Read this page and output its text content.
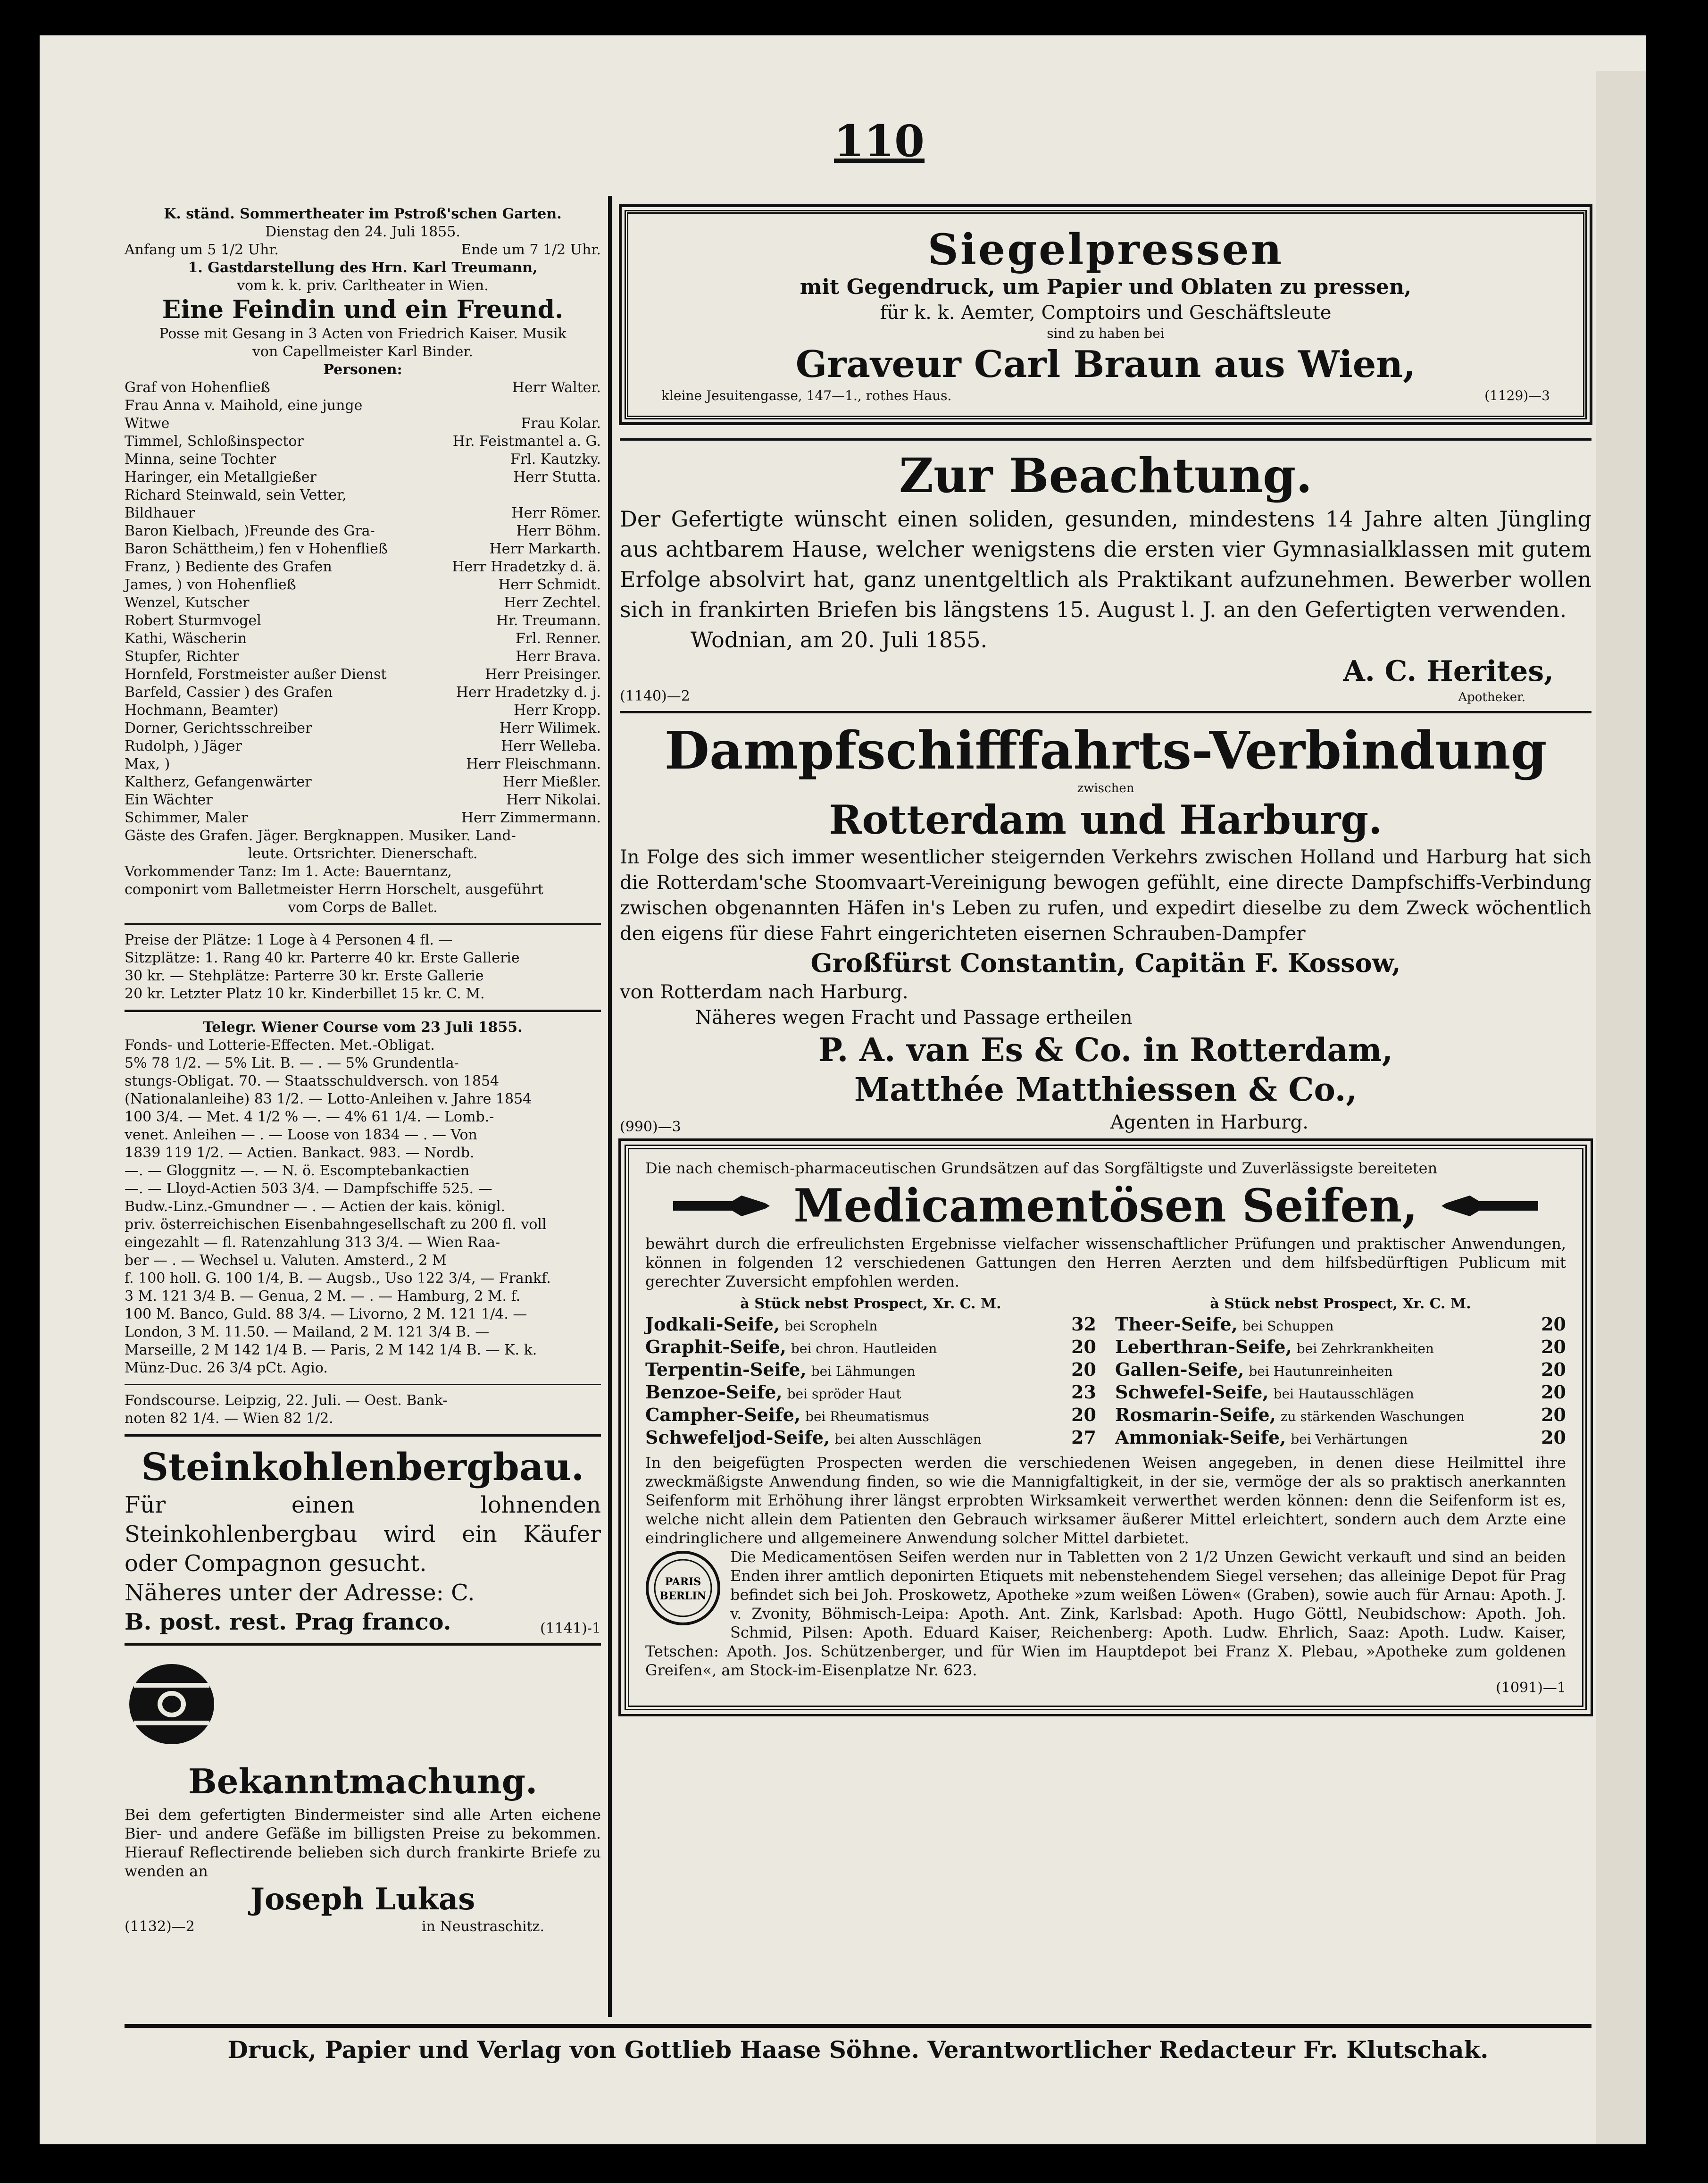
110
K. ständ. Sommertheater im Pstroß'schen Garten.
Dienstag den 24. Juli 1855.
Anfang um 5 1/2 Uhr.	Ende um 7 1/2 Uhr.
1. Gastdarstellung des Hrn. Karl Treumann,
vom k. k. priv. Carltheater in Wien.
Eine Feindin und ein Freund.
Posse mit Gesang in 3 Acten von Friedrich Kaiser. Musik
von Capellmeister Karl Binder.
Personen:
Graf von Hohenfließ	Herr Walter.
Frau Anna v. Maihold, eine junge
Witwe	Frau Kolar.
Timmel, Schloßinspector	Hr. Feistmantel a. G.
Minna, seine Tochter	Frl. Kautzky.
Haringer, ein Metallgießer	Herr Stutta.
Richard Steinwald, sein Vetter,
Bildhauer	Herr Römer.
Baron Kielbach, )Freunde des Gra-	Herr Böhm.
Baron Schättheim,) fen v Hohenfließ	Herr Markarth.
Franz, ) Bediente des Grafen	Herr Hradetzky d. ä.
James, ) von Hohenfließ	Herr Schmidt.
Wenzel, Kutscher	Herr Zechtel.
Robert Sturmvogel	Hr. Treumann.
Kathi, Wäscherin	Frl. Renner.
Stupfer, Richter	Herr Brava.
Hornfeld, Forstmeister außer Dienst	Herr Preisinger.
Barfeld, Cassier ) des Grafen	Herr Hradetzky d. j.
Hochmann, Beamter)	Herr Kropp.
Dorner, Gerichtsschreiber	Herr Wilimek.
Rudolph, ) Jäger	Herr Welleba.
Max, )	Herr Fleischmann.
Kaltherz, Gefangenwärter	Herr Mießler.
Ein Wächter	Herr Nikolai.
Schimmer, Maler	Herr Zimmermann.
Gäste des Grafen. Jäger. Bergknappen. Musiker. Land-
leute. Ortsrichter. Dienerschaft.
Vorkommender Tanz: Im 1. Acte: Bauerntanz,
componirt vom Balletmeister Herrn Horschelt, ausgeführt
vom Corps de Ballet.
Preise der Plätze: 1 Loge à 4 Personen 4 fl. —
Sitzplätze: 1. Rang 40 kr. Parterre 40 kr. Erste Gallerie
30 kr. — Stehplätze: Parterre 30 kr. Erste Gallerie
20 kr. Letzter Platz 10 kr. Kinderbillet 15 kr. C. M.
Telegr. Wiener Course vom 23 Juli 1855.
Fonds- und Lotterie-Effecten. Met.-Obligat.
5% 78 1/2. — 5% Lit. B. — . — 5% Grundentla-
stungs-Obligat. 70. — Staatsschuldversch. von 1854
(Nationalanleihe) 83 1/2. — Lotto-Anleihen v. Jahre 1854
100 3/4. — Met. 4 1/2 % —. — 4% 61 1/4. — Lomb.-
venet. Anleihen — . — Loose von 1834 — . — Von
1839 119 1/2. — Actien. Bankact. 983. — Nordb.
—. — Gloggnitz —. — N. ö. Escomptebankactien
—. — Lloyd-Actien 503 3/4. — Dampfschiffe 525. —
Budw.-Linz.-Gmundner — . — Actien der kais. königl.
priv. österreichischen Eisenbahngesellschaft zu 200 fl. voll
eingezahlt — fl. Ratenzahlung 313 3/4. — Wien Raa-
ber — . — Wechsel u. Valuten. Amsterd., 2 M
f. 100 holl. G. 100 1/4, B. — Augsb., Uso 122 3/4, — Frankf.
3 M. 121 3/4 B. — Genua, 2 M. — . — Hamburg, 2 M. f.
100 M. Banco, Guld. 88 3/4. — Livorno, 2 M. 121 1/4. —
London, 3 M. 11.50. — Mailand, 2 M. 121 3/4 B. —
Marseille, 2 M 142 1/4 B. — Paris, 2 M 142 1/4 B. — K. k.
Münz-Duc. 26 3/4 pCt. Agio.
Fondscourse. Leipzig, 22. Juli. — Oest. Bank-
noten 82 1/4. — Wien 82 1/2.
Steinkohlenbergbau.
Für einen lohnenden Steinkohlenbergbau wird ein Käufer oder Compagnon gesucht.
Näheres unter der Adresse: C.
B. post. rest. Prag franco.	(1141)-1
Bekanntmachung.
Bei dem gefertigten Bindermeister sind alle Arten eichene Bier- und andere Gefäße im billigsten Preise zu bekommen. Hierauf Reflectirende belieben sich durch frankirte Briefe zu wenden an
Joseph Lukas
(1132)—2	in Neustraschitz.
Siegelpressen
mit Gegendruck, um Papier und Oblaten zu pressen,
für k. k. Aemter, Comptoirs und Geschäftsleute
sind zu haben bei
Graveur Carl Braun aus Wien,
kleine Jesuitengasse, 147—1., rothes Haus.	(1129)—3
Zur Beachtung.
Der Gefertigte wünscht einen soliden, gesunden, mindestens 14 Jahre alten Jüngling aus achtbarem Hause, welcher wenigstens die ersten vier Gymnasialklassen mit gutem Erfolge absolvirt hat, ganz unentgeltlich als Praktikant aufzunehmen. Bewerber wollen sich in frankirten Briefen bis längstens 15. August l. J. an den Gefertigten verwenden.
Wodnian, am 20. Juli 1855.
A. C. Herites,
(1140)—2	Apotheker.
Dampfschifffahrts-Verbindung
zwischen
Rotterdam und Harburg.
In Folge des sich immer wesentlicher steigernden Verkehrs zwischen Holland und Harburg hat sich die Rotterdam'sche Stoomvaart-Vereinigung bewogen gefühlt, eine directe Dampfschiffs-Verbindung zwischen obgenannten Häfen in's Leben zu rufen, und expedirt dieselbe zu dem Zweck wöchentlich den eigens für diese Fahrt eingerichteten eisernen Schrauben-Dampfer
Großfürst Constantin, Capitän F. Kossow,
von Rotterdam nach Harburg.
Näheres wegen Fracht und Passage ertheilen
P. A. van Es & Co. in Rotterdam,
Matthée Matthiessen & Co.,
(990)—3	Agenten in Harburg.
Die nach chemisch-pharmaceutischen Grundsätzen auf das Sorgfältigste und Zuverlässigste bereiteten
Medicamentösen Seifen,
bewährt durch die erfreulichsten Ergebnisse vielfacher wissenschaftlicher Prüfungen und praktischer Anwendungen, können in folgenden 12 verschiedenen Gattungen den Herren Aerzten und dem hilfsbedürftigen Publicum mit gerechter Zuversicht empfohlen werden.
à Stück nebst Prospect, Xr. C. M.
Jodkali-Seife, bei Scropheln	32
Graphit-Seife, bei chron. Hautleiden	20
Terpentin-Seife, bei Lähmungen	20
Benzoe-Seife, bei spröder Haut	23
Campher-Seife, bei Rheumatismus	20
Schwefeljod-Seife, bei alten Ausschlägen	27
à Stück nebst Prospect, Xr. C. M.
Theer-Seife, bei Schuppen	20
Leberthran-Seife, bei Zehrkrankheiten	20
Gallen-Seife, bei Hautunreinheiten	20
Schwefel-Seife, bei Hautausschlägen	20
Rosmarin-Seife, zu stärkenden Waschungen	20
Ammoniak-Seife, bei Verhärtungen	20
In den beigefügten Prospecten werden die verschiedenen Weisen angegeben, in denen diese Heilmittel ihre zweckmäßigste Anwendung finden, so wie die Mannigfaltigkeit, in der sie, vermöge der als so praktisch anerkannten Seifenform mit Erhöhung ihrer längst erprobten Wirksamkeit verwerthet werden können: denn die Seifenform ist es, welche nicht allein dem Patienten den Gebrauch wirksamer äußerer Mittel erleichtert, sondern auch dem Arzte eine eindringlichere und allgemeinere Anwendung solcher Mittel darbietet.
PARIS
BERLIN
Die Medicamentösen Seifen werden nur in Tabletten von 2 1/2 Unzen Gewicht verkauft und sind an beiden Enden ihrer amtlich deponirten Etiquets mit nebenstehendem Siegel versehen; das alleinige Depot für Prag befindet sich bei Joh. Proskowetz, Apotheke »zum weißen Löwen« (Graben), sowie auch für Arnau: Apoth. J. v. Zvonity, Böhmisch-Leipa: Apoth. Ant. Zink, Karlsbad: Apoth. Hugo Göttl, Neubidschow: Apoth. Joh. Schmid, Pilsen: Apoth. Eduard Kaiser, Reichenberg: Apoth. Ludw. Ehrlich, Saaz: Apoth. Ludw. Kaiser, Tetschen: Apoth. Jos. Schützenberger, und für Wien im Hauptdepot bei Franz X. Plebau, »Apotheke zum goldenen Greifen«, am Stock-im-Eisenplatze Nr. 623.
(1091)—1
Druck, Papier und Verlag von Gottlieb Haase Söhne. Verantwortlicher Redacteur Fr. Klutschak.
